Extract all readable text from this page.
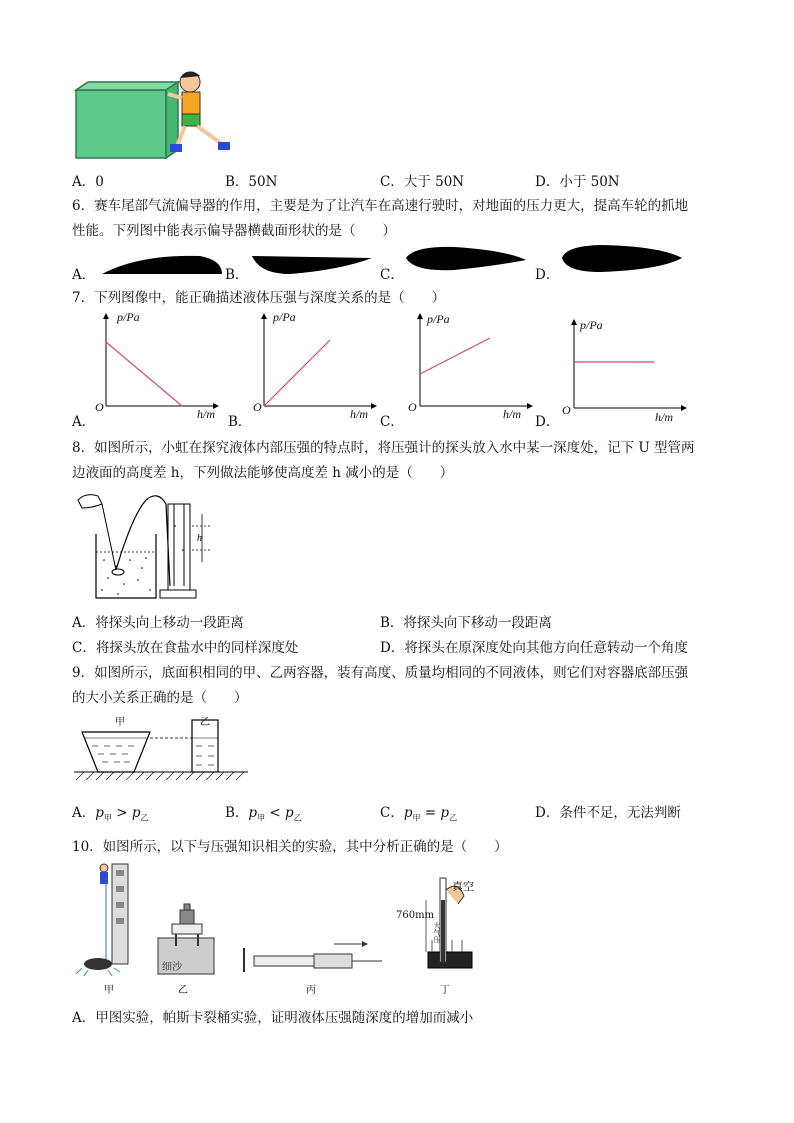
A．0	B．50N	C．大于 50N	D．小于 50N
6．赛车尾部气流偏导器的作用，主要是为了让汽车在高速行驶时，对地面的压力更大，提高车轮的抓地
性能。下列图中能表示偏导器横截面形状的是（　　）
A．	B．	C．	D．
7．下列图像中，能正确描述液体压强与深度关系的是（　　）
A．
p/Pa
O	h/m B．
p/Pa
O	h/m C．
p/Pa
O	h/m D．
p/Pa
O	h/m
8．如图所示，小虹在探究液体内部压强的特点时，将压强计的探头放入水中某一深度处，记下 U 型管两
边液面的高度差 h，下列做法能够使高度差 h 减小的是（　　）
h
A．将探头向上移动一段距离	B．将探头向下移动一段距离
C．将探头放在食盐水中的同样深度处	D．将探头在原深度处向其他方向任意转动一个角度
9．如图所示，底面积相同的甲、乙两容器，装有高度、质量均相同的不同液体，则它们对容器底部压强
的大小关系正确的是（　　）
甲	乙
A．$p_甲 > p_乙$	B．$p_甲 < p_乙$	C．$p_甲 = p_乙$	D．条件不足，无法判断
10．如图所示，以下与压强知识相关的实验，其中分析正确的是（　　）
甲	乙	丙	丁
细沙
真空
760mm
大气压
A．甲图实验，帕斯卡裂桶实验，证明液体压强随深度的增加而减小
